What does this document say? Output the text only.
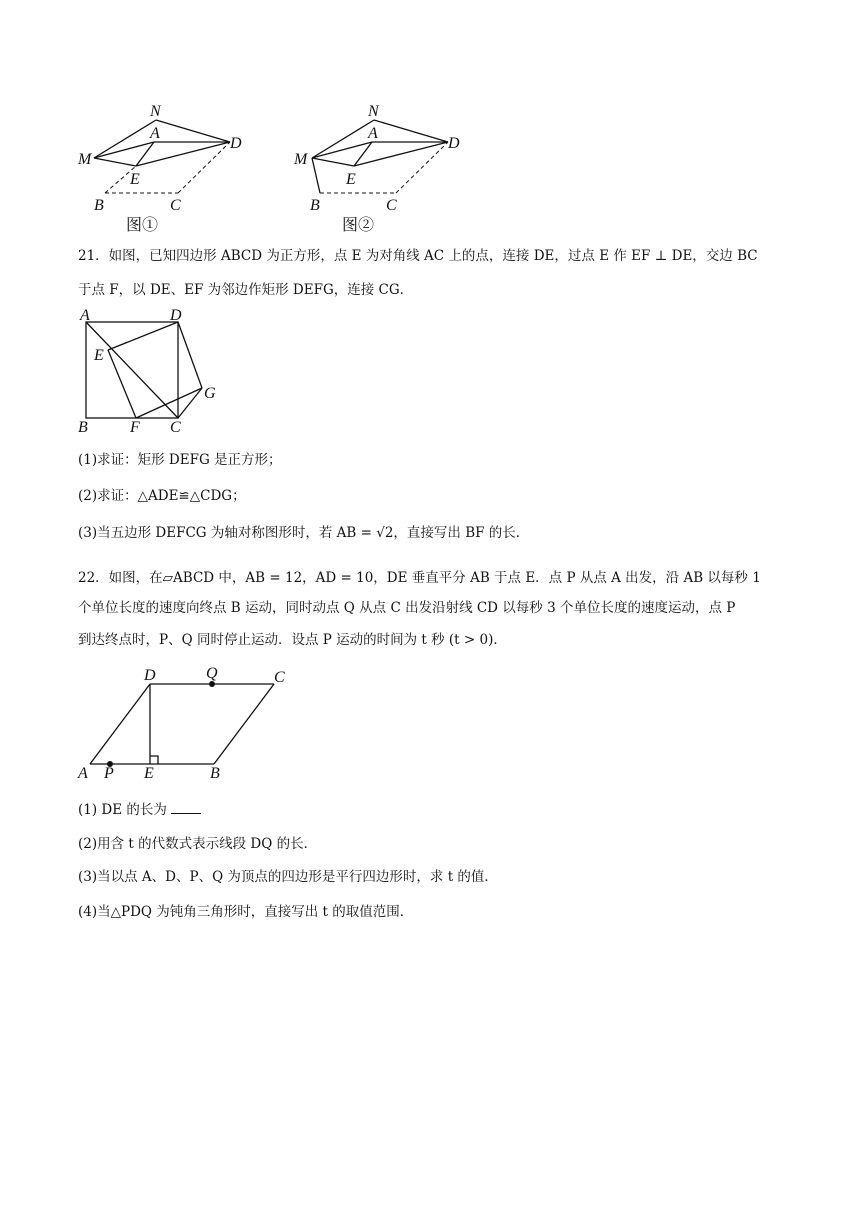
N
A
D
M
E
B	C
图①
N
A
D
M
E
B	C
图②
21．如图，已知四边形 ABCD 为正方形，点 E 为对角线 AC 上的点，连接 DE，过点 E 作 EF ⊥ DE，交边 BC
于点 F，以 DE、EF 为邻边作矩形 DEFG，连接 CG．
A	D
E
G
B	F C
(1)求证：矩形 DEFG 是正方形；
(2)求证：△ADE≌△CDG；
(3)当五边形 DEFCG 为轴对称图形时，若 AB = √2，直接写出 BF 的长．
22．如图，在▱ABCD 中，AB = 12，AD = 10，DE 垂直平分 AB 于点 E．点 P 从点 A 出发，沿 AB 以每秒 1
个单位长度的速度向终点 B 运动，同时动点 Q 从点 C 出发沿射线 CD 以每秒 3 个单位长度的速度运动，点 P
到达终点时，P、Q 同时停止运动．设点 P 运动的时间为 t 秒 (t > 0)．
D	Q	C
A P E	B
(1) DE 的长为
(2)用含 t 的代数式表示线段 DQ 的长．
(3)当以点 A、D、P、Q 为顶点的四边形是平行四边形时，求 t 的值．
(4)当△PDQ 为钝角三角形时，直接写出 t 的取值范围．
